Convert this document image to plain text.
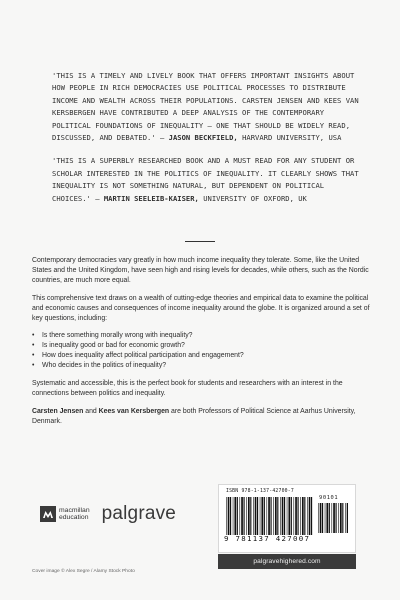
'THIS IS A TIMELY AND LIVELY BOOK THAT OFFERS IMPORTANT INSIGHTS ABOUT HOW PEOPLE IN RICH DEMOCRACIES USE POLITICAL PROCESSES TO DISTRIBUTE INCOME AND WEALTH ACROSS THEIR POPULATIONS. CARSTEN JENSEN AND KEES VAN KERSBERGEN HAVE CONTRIBUTED A DEEP ANALYSIS OF THE CONTEMPORARY POLITICAL FOUNDATIONS OF INEQUALITY – ONE THAT SHOULD BE WIDELY READ, DISCUSSED, AND DEBATED.' – JASON BECKFIELD, HARVARD UNIVERSITY, USA

'THIS IS A SUPERBLY RESEARCHED BOOK AND A MUST READ FOR ANY STUDENT OR SCHOLAR INTERESTED IN THE POLITICS OF INEQUALITY. IT CLEARLY SHOWS THAT INEQUALITY IS NOT SOMETHING NATURAL, BUT DEPENDENT ON POLITICAL CHOICES.' – MARTIN SEELEIB-KAISER, UNIVERSITY OF OXFORD, UK

Contemporary democracies vary greatly in how much income inequality they tolerate. Some, like the United States and the United Kingdom, have seen high and rising levels for decades, while others, such as the Nordic countries, are much more equal.

This comprehensive text draws on a wealth of cutting-edge theories and empirical data to examine the political and economic causes and consequences of income inequality around the globe. It is organized around a set of key questions, including:

• Is there something morally wrong with inequality?
• Is inequality good or bad for economic growth?
• How does inequality affect political participation and engagement?
• Who decides in the politics of inequality?

Systematic and accessible, this is the perfect book for students and researchers with an interest in the connections between politics and inequality.

Carsten Jensen and Kees van Kersbergen are both Professors of Political Science at Aarhus University, Denmark.

macmillan
education palgrave
Cover image © Alex Segre / Alamy Stock Photo
ISBN 978-1-137-42700-7
90101
9 781137 427007
palgravehighered.com
